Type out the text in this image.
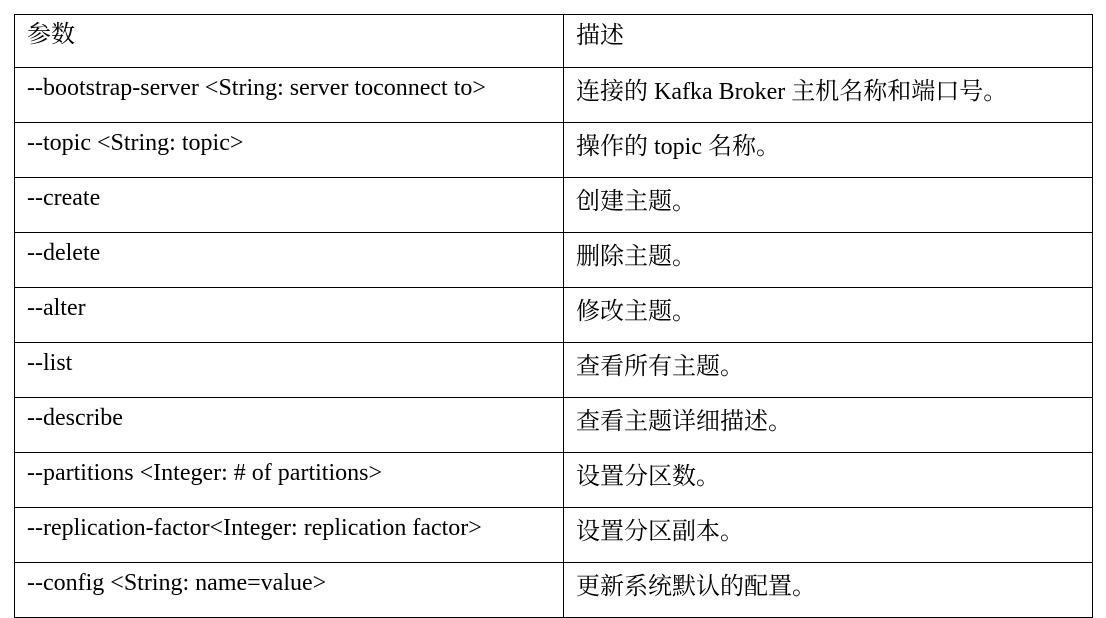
参数	描述

--bootstrap-server <String: server toconnect to>	连接的 Kafka Broker 主机名称和端口号。

--topic <String: topic>	操作的 topic 名称。

--create	创建主题。

--delete	删除主题。

--alter	修改主题。

--list	查看所有主题。

--describe	查看主题详细描述。

--partitions <Integer: # of partitions>	设置分区数。

--replication-factor<Integer: replication factor>	设置分区副本。

--config <String: name=value>	更新系统默认的配置。
